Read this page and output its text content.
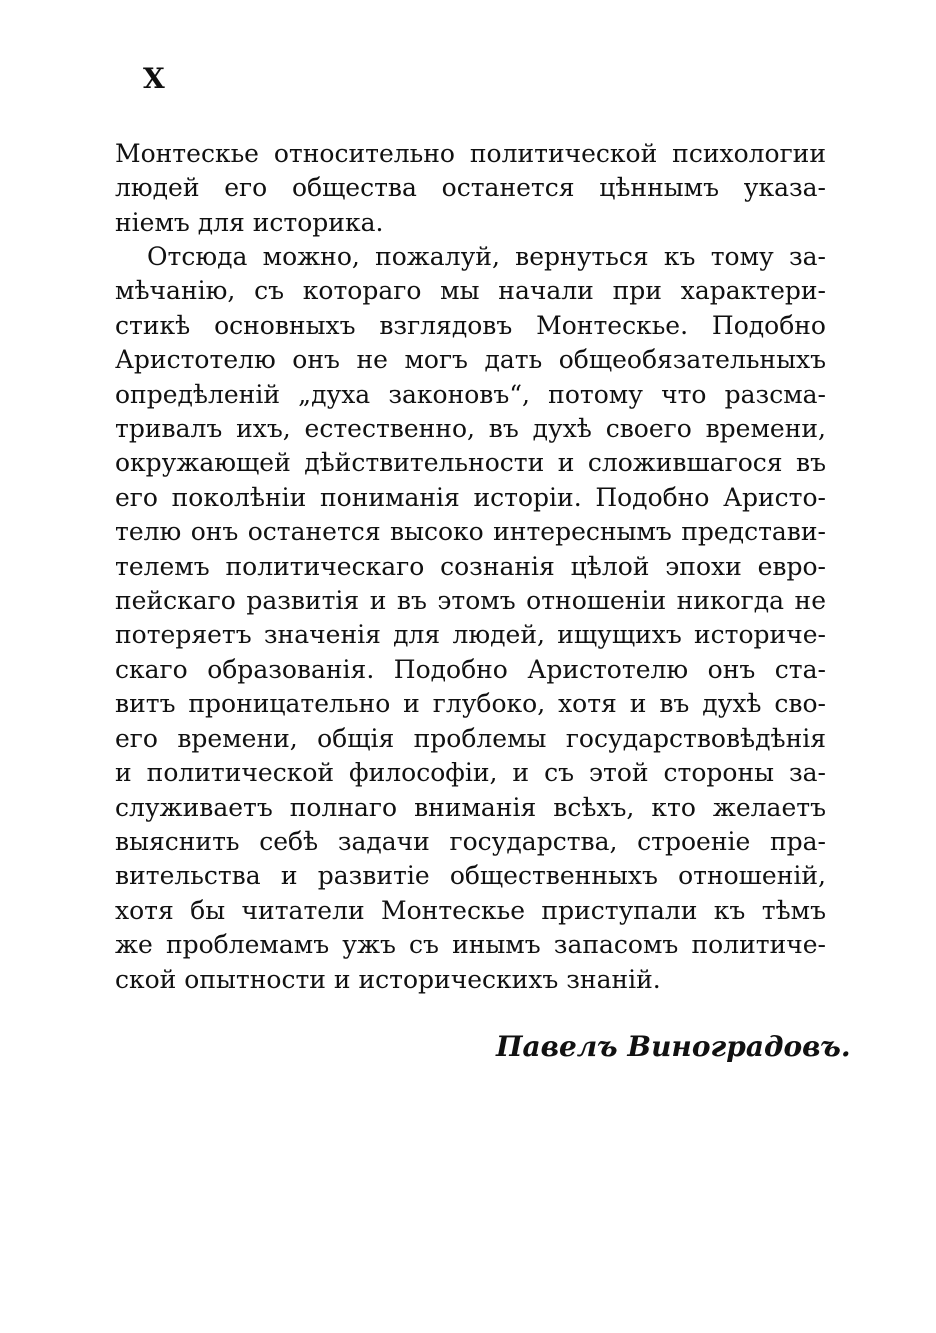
X
Монтескье относительно политической психологии
людей его общества останется цѣннымъ указа-
ніемъ для историка.
Отсюда можно, пожалуй, вернуться къ тому за-
мѣчанію, съ котораго мы начали при характери-
стикѣ основныхъ взглядовъ Монтескье. Подобно
Аристотелю онъ не могъ дать общеобязательныхъ
опредѣленій „духа законовъ“, потому что разсма-
тривалъ ихъ, естественно, въ духѣ своего времени,
окружающей дѣйствительности и сложившагося въ
его поколѣніи пониманія исторіи. Подобно Аристо-
телю онъ останется высоко интереснымъ представи-
телемъ политическаго сознанія цѣлой эпохи евро-
пейскаго развитія и въ этомъ отношеніи никогда не
потеряетъ значенія для людей, ищущихъ историче-
скаго образованія. Подобно Аристотелю онъ ста-
витъ проницательно и глубоко, хотя и въ духѣ сво-
его времени, общія проблемы государствовѣдѣнія
и политической философіи, и съ этой стороны за-
служиваетъ полнаго вниманія всѣхъ, кто желаетъ
выяснить себѣ задачи государства, строеніе пра-
вительства и развитіе общественныхъ отношеній,
хотя бы читатели Монтескье приступали къ тѣмъ
же проблемамъ ужъ съ инымъ запасомъ политиче-
ской опытности и историческихъ знаній.
Павелъ Виноградовъ.
